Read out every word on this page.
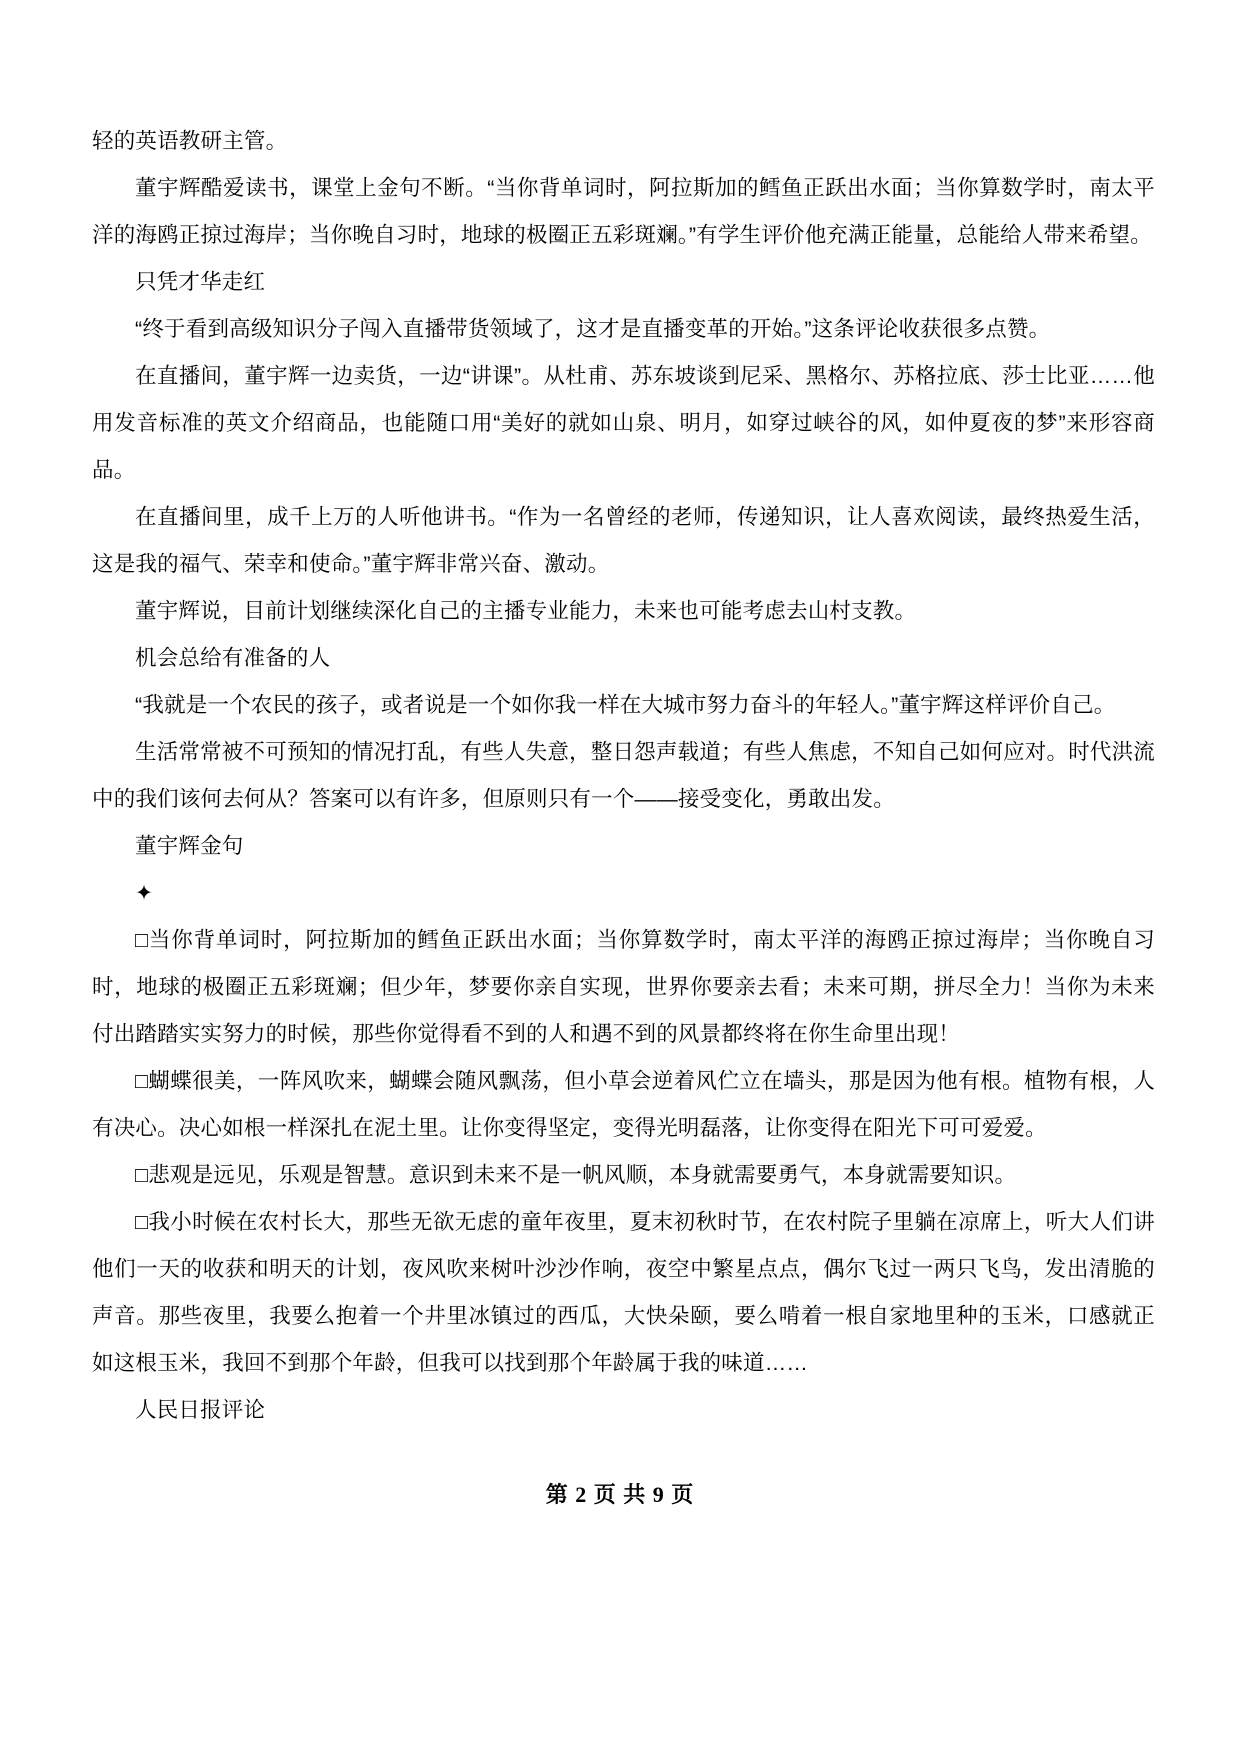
轻的英语教研主管。

董宇辉酷爱读书，课堂上金句不断。“当你背单词时，阿拉斯加的鳕鱼正跃出水面；当你算数学时，南太平洋的海鸥正掠过海岸；当你晚自习时，地球的极圈正五彩斑斓。”有学生评价他充满正能量，总能给人带来希望。

只凭才华走红

“终于看到高级知识分子闯入直播带货领域了，这才是直播变革的开始。”这条评论收获很多点赞。

在直播间，董宇辉一边卖货，一边“讲课”。从杜甫、苏东坡谈到尼采、黑格尔、苏格拉底、莎士比亚……他用发音标准的英文介绍商品，也能随口用“美好的就如山泉、明月，如穿过峡谷的风，如仲夏夜的梦”来形容商品。

在直播间里，成千上万的人听他讲书。“作为一名曾经的老师，传递知识，让人喜欢阅读，最终热爱生活，这是我的福气、荣幸和使命。”董宇辉非常兴奋、激动。

董宇辉说，目前计划继续深化自己的主播专业能力，未来也可能考虑去山村支教。

机会总给有准备的人

“我就是一个农民的孩子，或者说是一个如你我一样在大城市努力奋斗的年轻人。”董宇辉这样评价自己。

生活常常被不可预知的情况打乱，有些人失意，整日怨声载道；有些人焦虑，不知自己如何应对。时代洪流中的我们该何去何从？答案可以有许多，但原则只有一个——接受变化，勇敢出发。

董宇辉金句

✦

□当你背单词时，阿拉斯加的鳕鱼正跃出水面；当你算数学时，南太平洋的海鸥正掠过海岸；当你晚自习时，地球的极圈正五彩斑斓；但少年，梦要你亲自实现，世界你要亲去看；未来可期，拼尽全力！当你为未来付出踏踏实实努力的时候，那些你觉得看不到的人和遇不到的风景都终将在你生命里出现！

□蝴蝶很美，一阵风吹来，蝴蝶会随风飘荡，但小草会逆着风伫立在墙头，那是因为他有根。植物有根，人有决心。决心如根一样深扎在泥土里。让你变得坚定，变得光明磊落，让你变得在阳光下可可爱爱。

□悲观是远见，乐观是智慧。意识到未来不是一帆风顺，本身就需要勇气，本身就需要知识。

□我小时候在农村长大，那些无欲无虑的童年夜里，夏末初秋时节，在农村院子里躺在凉席上，听大人们讲他们一天的收获和明天的计划，夜风吹来树叶沙沙作响，夜空中繁星点点，偶尔飞过一两只飞鸟，发出清脆的声音。那些夜里，我要么抱着一个井里冰镇过的西瓜，大快朵颐，要么啃着一根自家地里种的玉米，口感就正如这根玉米，我回不到那个年龄，但我可以找到那个年龄属于我的味道……

人民日报评论

第 2 页 共 9 页
